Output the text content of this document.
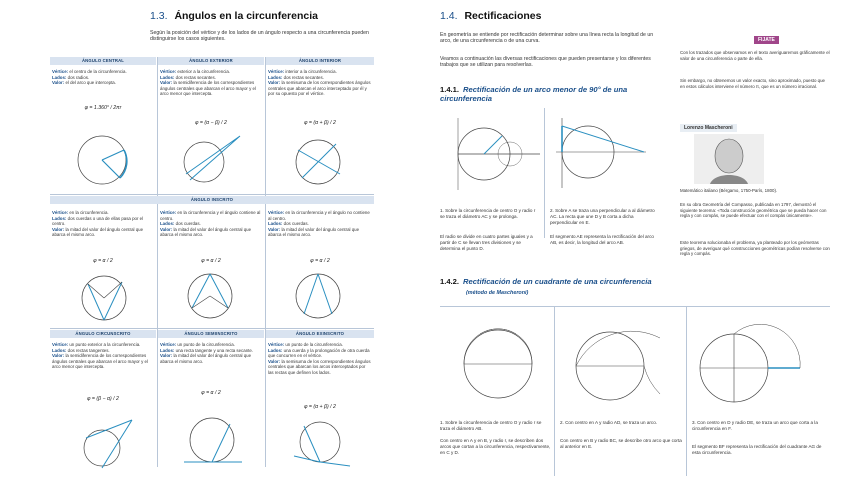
1.3. Ángulos en la circunferencia
Según la posición del vértice y de los lados de un ángulo respecto a una circunferencia pueden distinguirse los casos siguientes.
ÁNGULO CENTRAL	ÁNGULO EXTERIOR	ÁNGULO INTERIOR
Vértice: el centro de la circunferencia.
Lados: dos radios.
Valor: el del arco que intercepta.
φ = 1.360° / 2πr
Vértice: exterior a la circunferencia.
Lados: dos rectas secantes.
Valor: la semidiferencia de los correspondientes ángulos centrales que abarcan el arco mayor y el arco menor que intercepta.
φ = (α − β) / 2
Vértice: interior a la circunferencia.
Lados: dos rectas secantes.
Valor: la semisuma de los correspondientes ángulos centrales que abarcan el arco interceptado por él y por su opuesto por el vértice.
φ = (α + β) / 2
ÁNGULO INSCRITO
Vértice: en la circunferencia.
Lados: dos cuerdas o una de ellas pasa por el centro.
Valor: la mitad del valor del ángulo central que abarca el mismo arco.
φ = α / 2
Vértice: en la circunferencia y el ángulo contiene al centro.
Lados: dos cuerdas.
Valor: la mitad del valor del ángulo central que abarca el mismo arco.
φ = α / 2
Vértice: en la circunferencia y el ángulo no contiene al centro.
Lados: dos cuerdas.
Valor: la mitad del valor del ángulo central que abarca el mismo arco.
φ = α / 2
ÁNGULO CIRCUNSCRITO	ÁNGULO SEMIINSCRITO	ÁNGULO EXINSCRITO
Vértice: un punto exterior a la circunferencia.
Lados: dos rectas tangentes.
Valor: la semidiferencia de los correspondientes ángulos centrales que abarcan el arco mayor y el arco menor que intercepta.
φ = (β − α) / 2
Vértice: un punto de la circunferencia.
Lados: una recta tangente y una recta secante.
Valor: la mitad del valor del ángulo central que abarca el mismo arco.
φ = α / 2
Vértice: un punto de la circunferencia.
Lados: una cuerda y la prolongación de otra cuerda que concurren en el vértice.
Valor: la semisuma de los correspondientes ángulos centrales que abarcan los arcos interceptados por las rectas que definen los lados.
φ = (α + β) / 2
1.4. Rectificaciones
En geometría se entiende por rectificación determinar sobre una línea recta la longitud de un arco, de una circunferencia o de una curva.
Veamos a continuación las diversas rectificaciones que pueden presentarse y los diferentes trabajos que se utilizan para resolverlas.
1.4.1. Rectificación de un arco menor de 90° de una circunferencia
1. Sobre la circunferencia de centro O y radio r se traza el diámetro AC y se prolonga.
El radio se divide en cuatro partes iguales y a partir de C se llevan tres divisiones y se determina el punto D.
2. Sobre A se traza una perpendicular a al diámetro AC. La recta que une D y B corta a dicha perpendicular en E.
El segmento AE representa la rectificación del arco AB, es decir, la longitud del arco AB.
1.4.2. Rectificación de un cuadrante de una circunferencia
(método de Mascheroni)
1. Sobre la circunferencia de centro O y radio r se traza el diámetro AB.
Con centro en A y en B, y radio r, se describen dos arcos que cortan a la circunferencia, respectivamente, en C y D.
2. Con centro en A y radio AD, se traza un arco.
Con centro en B y radio BC, se describe otro arco que corta al anterior en E.
3. Con centro en D y radio DE, se traza un arco que corta a la circunferencia en F.
El segmento BF representa la rectificación del cuadrante AG de esta circunferencia.
FIJATE
Con los trazados que observamos en el texto averiguaremos gráficamente el valor de una circunferencia o parte de ella.
Sin embargo, no obtenemos un valor exacto, sino aproximado, puesto que en estos cálculos interviene el número π, que es un número irracional.
Lorenzo Mascheroni
Matemático italiano (Bérgamo, 1750-París, 1800).
En su obra Geometría del Compasso, publicada en 1797, demostró el siguiente teorema: «Toda construcción geométrica que se pueda hacer con regla y con compás, se puede efectuar con el compás únicamente».
Este teorema solucionaba el problema, ya planteado por los geómetras griegos, de averiguar qué construcciones geométricas podían resolverse con regla y compás.
